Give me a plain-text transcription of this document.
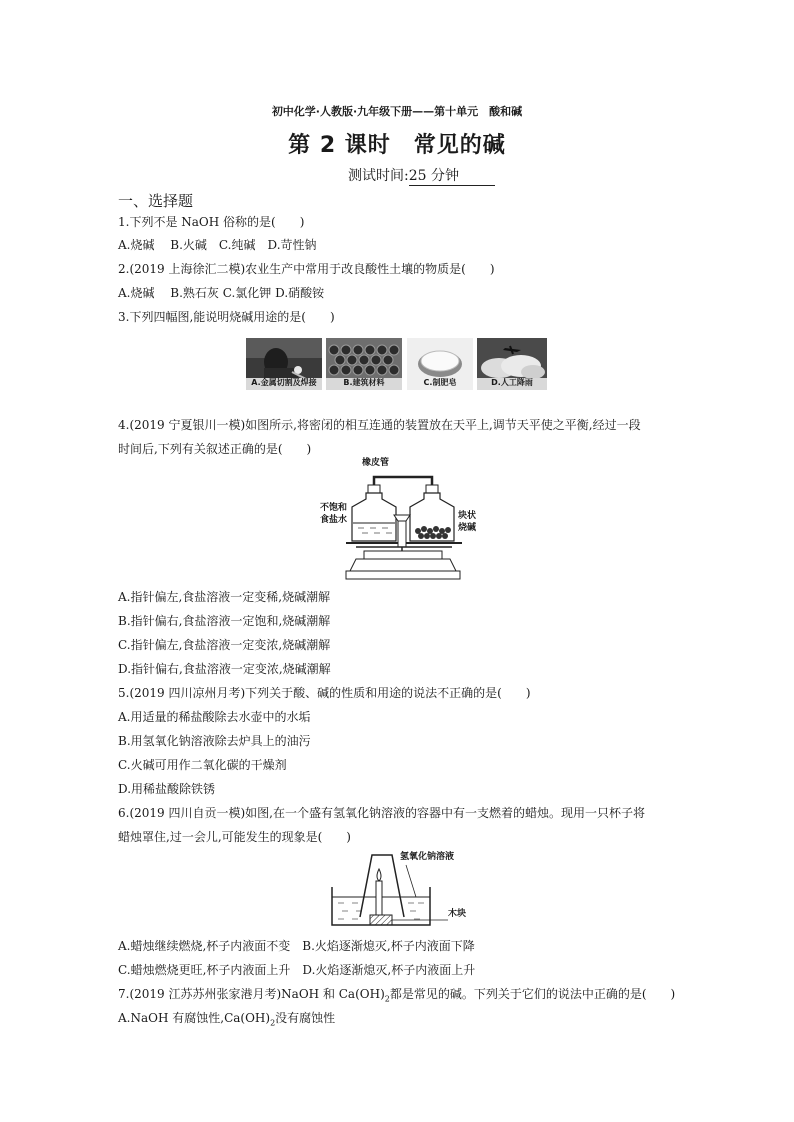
初中化学·人教版·九年级下册——第十单元　酸和碱
第 2 课时　常见的碱
测试时间:25 分钟
一、选择题
1.下列不是 NaOH 俗称的是(　　)
A.烧碱　 B.火碱　C.纯碱　D.苛性钠
2.(2019 上海徐汇二模)农业生产中常用于改良酸性土壤的物质是(　　)
A.烧碱　 B.熟石灰 C.氯化钾 D.硝酸铵
3.下列四幅图,能说明烧碱用途的是(　　)
A.金属切割及焊接	B.建筑材料	C.制肥皂	D.人工降雨
4.(2019 宁夏银川一模)如图所示,将密闭的相互连通的装置放在天平上,调节天平使之平衡,经过一段
时间后,下列有关叙述正确的是(　　)
橡皮管
不饱和
食盐水	块状
烧碱
A.指针偏左,食盐溶液一定变稀,烧碱潮解
B.指针偏右,食盐溶液一定饱和,烧碱潮解
C.指针偏左,食盐溶液一定变浓,烧碱潮解
D.指针偏右,食盐溶液一定变浓,烧碱潮解
5.(2019 四川凉州月考)下列关于酸、碱的性质和用途的说法不正确的是(　　)
A.用适量的稀盐酸除去水壶中的水垢
B.用氢氧化钠溶液除去炉具上的油污
C.火碱可用作二氧化碳的干燥剂
D.用稀盐酸除铁锈
6.(2019 四川自贡一模)如图,在一个盛有氢氧化钠溶液的容器中有一支燃着的蜡烛。现用一只杯子将
蜡烛罩住,过一会儿,可能发生的现象是(　　)
氢氧化钠溶液
木块
A.蜡烛继续燃烧,杯子内液面不变　B.火焰逐渐熄灭,杯子内液面下降
C.蜡烛燃烧更旺,杯子内液面上升　D.火焰逐渐熄灭,杯子内液面上升
7.(2019 江苏苏州张家港月考)NaOH 和 $Ca(OH)_2$都是常见的碱。下列关于它们的说法中正确的是(　　)
A.NaOH 有腐蚀性$,Ca(OH)_2$没有腐蚀性
